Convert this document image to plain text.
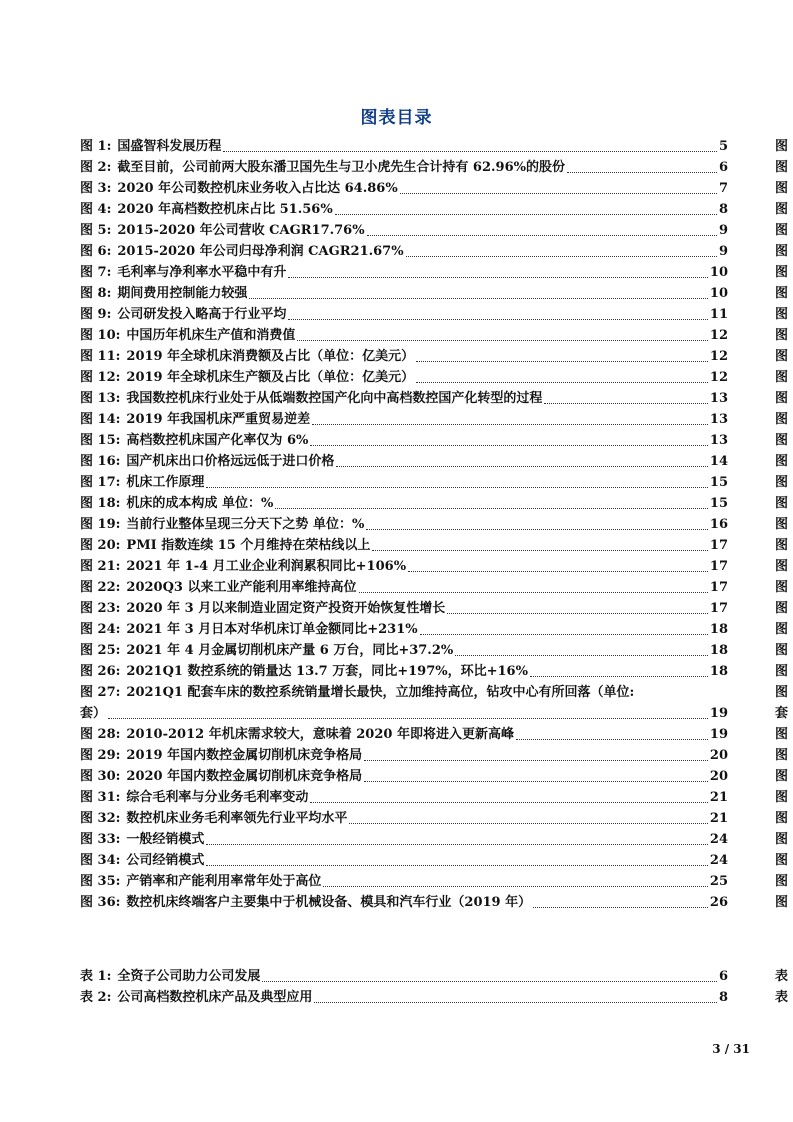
图表目录
图 1: 国盛智科发展历程	5
图 2: 截至目前，公司前两大股东潘卫国先生与卫小虎先生合计持有 62.96%的股份	6
图 3: 2020 年公司数控机床业务收入占比达 64.86%	7
图 4: 2020 年高档数控机床占比 51.56%	8
图 5: 2015-2020 年公司营收 CAGR17.76%	9
图 6: 2015-2020 年公司归母净利润 CAGR21.67%	9
图 7: 毛利率与净利率水平稳中有升	10
图 8: 期间费用控制能力较强	10
图 9: 公司研发投入略高于行业平均	11
图 10: 中国历年机床生产值和消费值	12
图 11: 2019 年全球机床消费额及占比（单位：亿美元）	12
图 12: 2019 年全球机床生产额及占比（单位：亿美元）	12
图 13: 我国数控机床行业处于从低端数控国产化向中高档数控国产化转型的过程	13
图 14: 2019 年我国机床严重贸易逆差	13
图 15: 高档数控机床国产化率仅为 6%	13
图 16: 国产机床出口价格远远低于进口价格	14
图 17: 机床工作原理	15
图 18: 机床的成本构成 单位：%	15
图 19: 当前行业整体呈现三分天下之势 单位：%	16
图 20: PMI 指数连续 15 个月维持在荣枯线以上	17
图 21: 2021 年 1-4 月工业企业利润累积同比+106%	17
图 22: 2020Q3 以来工业产能利用率维持高位	17
图 23: 2020 年 3 月以来制造业固定资产投资开始恢复性增长	17
图 24: 2021 年 3 月日本对华机床订单金额同比+231%	18
图 25: 2021 年 4 月金属切削机床产量 6 万台，同比+37.2%	18
图 26: 2021Q1 数控系统的销量达 13.7 万套，同比+197%，环比+16%	18
图 27: 2021Q1 配套车床的数控系统销量增长最快，立加维持高位，钻攻中心有所回落（单位:
套）	19
图 28: 2010-2012 年机床需求较大，意味着 2020 年即将进入更新高峰	19
图 29: 2019 年国内数控金属切削机床竞争格局	20
图 30: 2020 年国内数控金属切削机床竞争格局	20
图 31: 综合毛利率与分业务毛利率变动	21
图 32: 数控机床业务毛利率领先行业平均水平	21
图 33: 一般经销模式	24
图 34: 公司经销模式	24
图 35: 产销率和产能利用率常年处于高位	25
图 36: 数控机床终端客户主要集中于机械设备、模具和汽车行业（2019 年）	26
表 1: 全资子公司助力公司发展	6
表 2: 公司高档数控机床产品及典型应用	8
图
图
图
图
图
图
图
图
图
图
图
图
图
图
图
图
图
图
图
图
图
图
图
图
图
图
图
套
图
图
图
图
图
图
图
图
图
表
表
3 / 31
